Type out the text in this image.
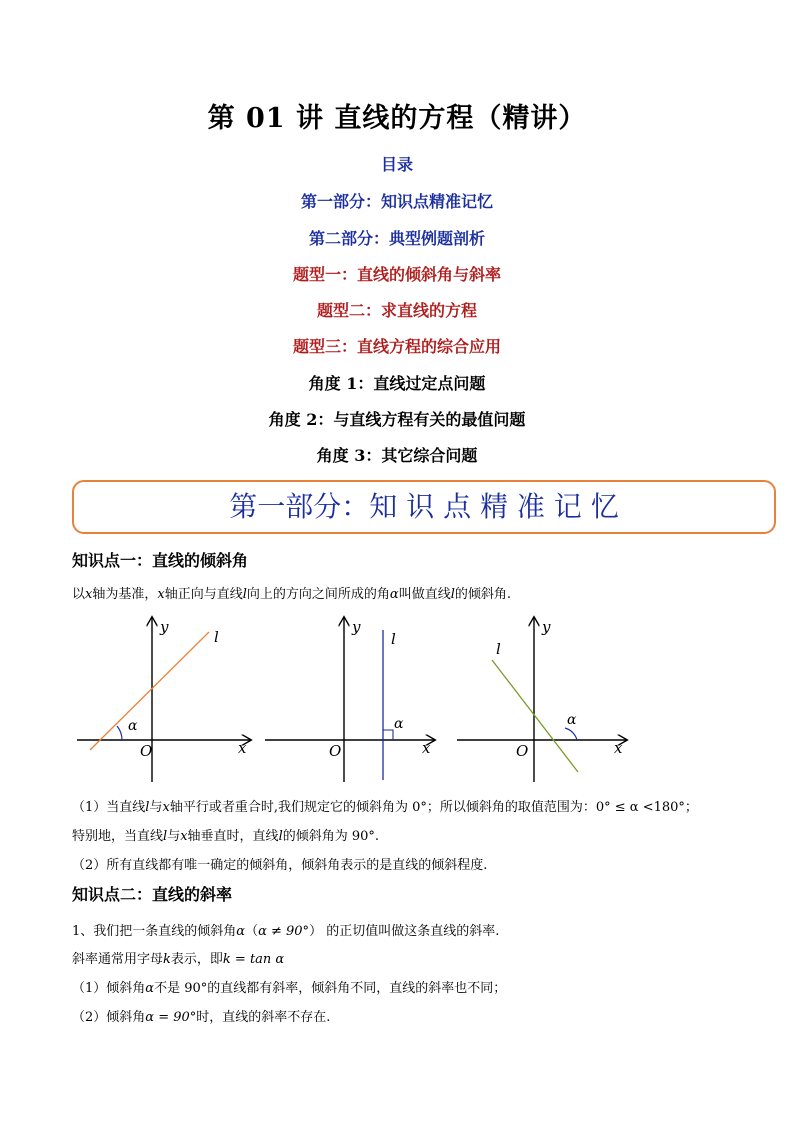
第 01 讲 直线的方程（精讲）
目录
第一部分：知识点精准记忆
第二部分：典型例题剖析
题型一：直线的倾斜角与斜率
题型二：求直线的方程
题型三：直线方程的综合应用
角度 1：直线过定点问题
角度 2：与直线方程有关的最值问题
角度 3：其它综合问题
第一部分：知 识 点 精 准 记 忆
知识点一：直线的倾斜角
以x轴为基准，x轴正向与直线l向上的方向之间所成的角α叫做直线l的倾斜角.
y
l
α
O	x
y
l
α
O	x
y
l
α
O	x
（1）当直线l与x轴平行或者重合时,我们规定它的倾斜角为 0°；所以倾斜角的取值范围为：0° ≤ α <180°；
特别地，当直线l与x轴垂直时，直线l的倾斜角为 90°.
（2）所有直线都有唯一确定的倾斜角，倾斜角表示的是直线的倾斜程度.
知识点二：直线的斜率
1、我们把一条直线的倾斜角α（α ≠ 90°） 的正切值叫做这条直线的斜率.
斜率通常用字母k表示，即k = tan α
（1）倾斜角α不是 90°的直线都有斜率，倾斜角不同，直线的斜率也不同；
（2）倾斜角α = 90°时，直线的斜率不存在.
